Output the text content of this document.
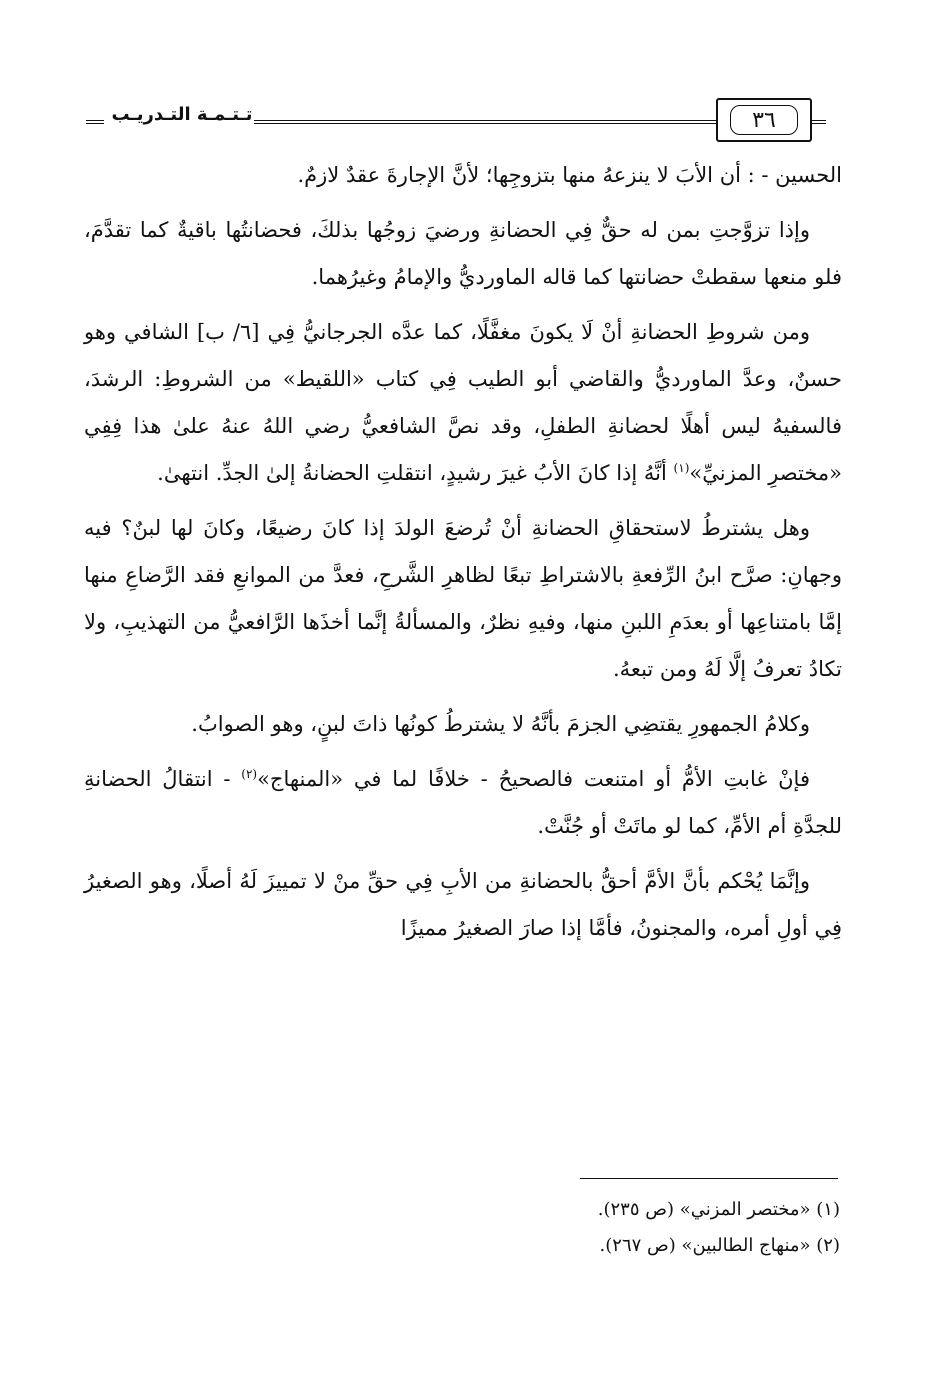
تـتـمـة التـدريـب	٣٦

الحسين - : أن الأبَ لا ينزعهُ منها بتزوجِها؛ لأنَّ الإجارةَ عقدٌ لازمٌ.

وإذا تزوَّجتِ بمن له حقٌّ فِي الحضانةِ ورضيَ زوجُها بذلكَ، فحضانتُها باقيةٌ كما تقدَّمَ، فلو منعها سقطتْ حضانتها كما قاله الماورديُّ والإمامُ وغيرُهما.

ومن شروطِ الحضانةِ أنْ لَا يكونَ مغفَّلًا، كما عدَّه الجرجانيُّ فِي [٦/ ب] الشافي وهو حسنٌ، وعدَّ الماورديُّ والقاضي أبو الطيب فِي كتاب «اللقيط» من الشروطِ: الرشدَ، فالسفيهُ ليس أهلًا لحضانةِ الطفلِ، وقد نصَّ الشافعيُّ رضي اللهُ عنهُ علىٰ هذا فِفِي «مختصرِ المزنيِّ»$^{(١)}$ أنَّهُ إذا كانَ الأبُ غيرَ رشيدٍ، انتقلتِ الحضانةُ إلىٰ الجدِّ. انتهىٰ.

وهل يشترطُ لاستحقاقِ الحضانةِ أنْ تُرضعَ الولدَ إذا كانَ رضيعًا، وكانَ لها لبنٌ؟ فيه وجهانِ: صرَّح ابنُ الرِّفعةِ بالاشتراطِ تبعًا لظاهرِ الشَّرحِ، فعدَّ من الموانعِ فقد الرَّضاعِ منها إمَّا بامتناعِها أو بعدَمِ اللبنِ منها، وفيهِ نظرٌ، والمسألةُ إنَّما أخذَها الرَّافعيُّ من التهذيبِ، ولا تكادُ تعرفُ إلَّا لَهُ ومن تبعهُ.

وكلامُ الجمهورِ يقتضِي الجزمَ بأنَّهُ لا يشترطُ كونُها ذاتَ لبنٍ، وهو الصوابُ.

فإنْ غابتِ الأمُّ أو امتنعت فالصحيحُ - خلافًا لما في «المنهاج»$^{(٢)}$ - انتقالُ الحضانةِ للجدَّةِ أم الأمِّ، كما لو ماتَتْ أو جُنَّتْ.

وإنَّمَا يُحْكم بأنَّ الأمَّ أحقُّ بالحضانةِ من الأبِ فِي حقِّ منْ لا تمييزَ لَهُ أصلًا، وهو الصغيرُ فِي أولِ أمره، والمجنونُ، فأمَّا إذا صارَ الصغيرُ مميزًا

(١) «مختصر المزني» (ص ٢٣٥).

(٢) «منهاج الطالبين» (ص ٢٦٧).
